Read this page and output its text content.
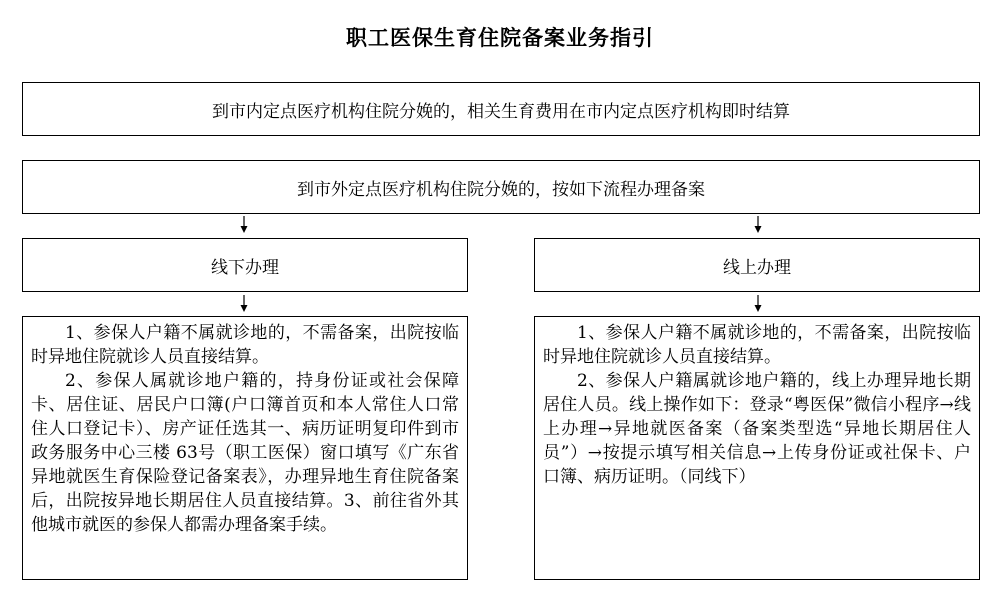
职工医保生育住院备案业务指引
到市内定点医疗机构住院分娩的，相关生育费用在市内定点医疗机构即时结算
到市外定点医疗机构住院分娩的，按如下流程办理备案
线下办理	线上办理

1、参保人户籍不属就诊地的，不需备案，出院按临时异地住院就诊人员直接结算。

2、参保人属就诊地户籍的，持身份证或社会保障卡、居住证、居民户口簿(户口簿首页和本人常住人口常住人口登记卡）、房产证任选其一、病历证明复印件到市政务服务中心三楼 63号（职工医保）窗口填写《广东省异地就医生育保险登记备案表》，办理异地生育住院备案后，出院按异地长期居住人员直接结算。3、前往省外其他城市就医的参保人都需办理备案手续。

1、参保人户籍不属就诊地的，不需备案，出院按临时异地住院就诊人员直接结算。

2、参保人户籍属就诊地户籍的，线上办理异地长期居住人员。线上操作如下：登录“粤医保”微信小程序→线上办理→异地就医备案（备案类型选“异地长期居住人员”）→按提示填写相关信息→上传身份证或社保卡、户口簿、病历证明。（同线下）
